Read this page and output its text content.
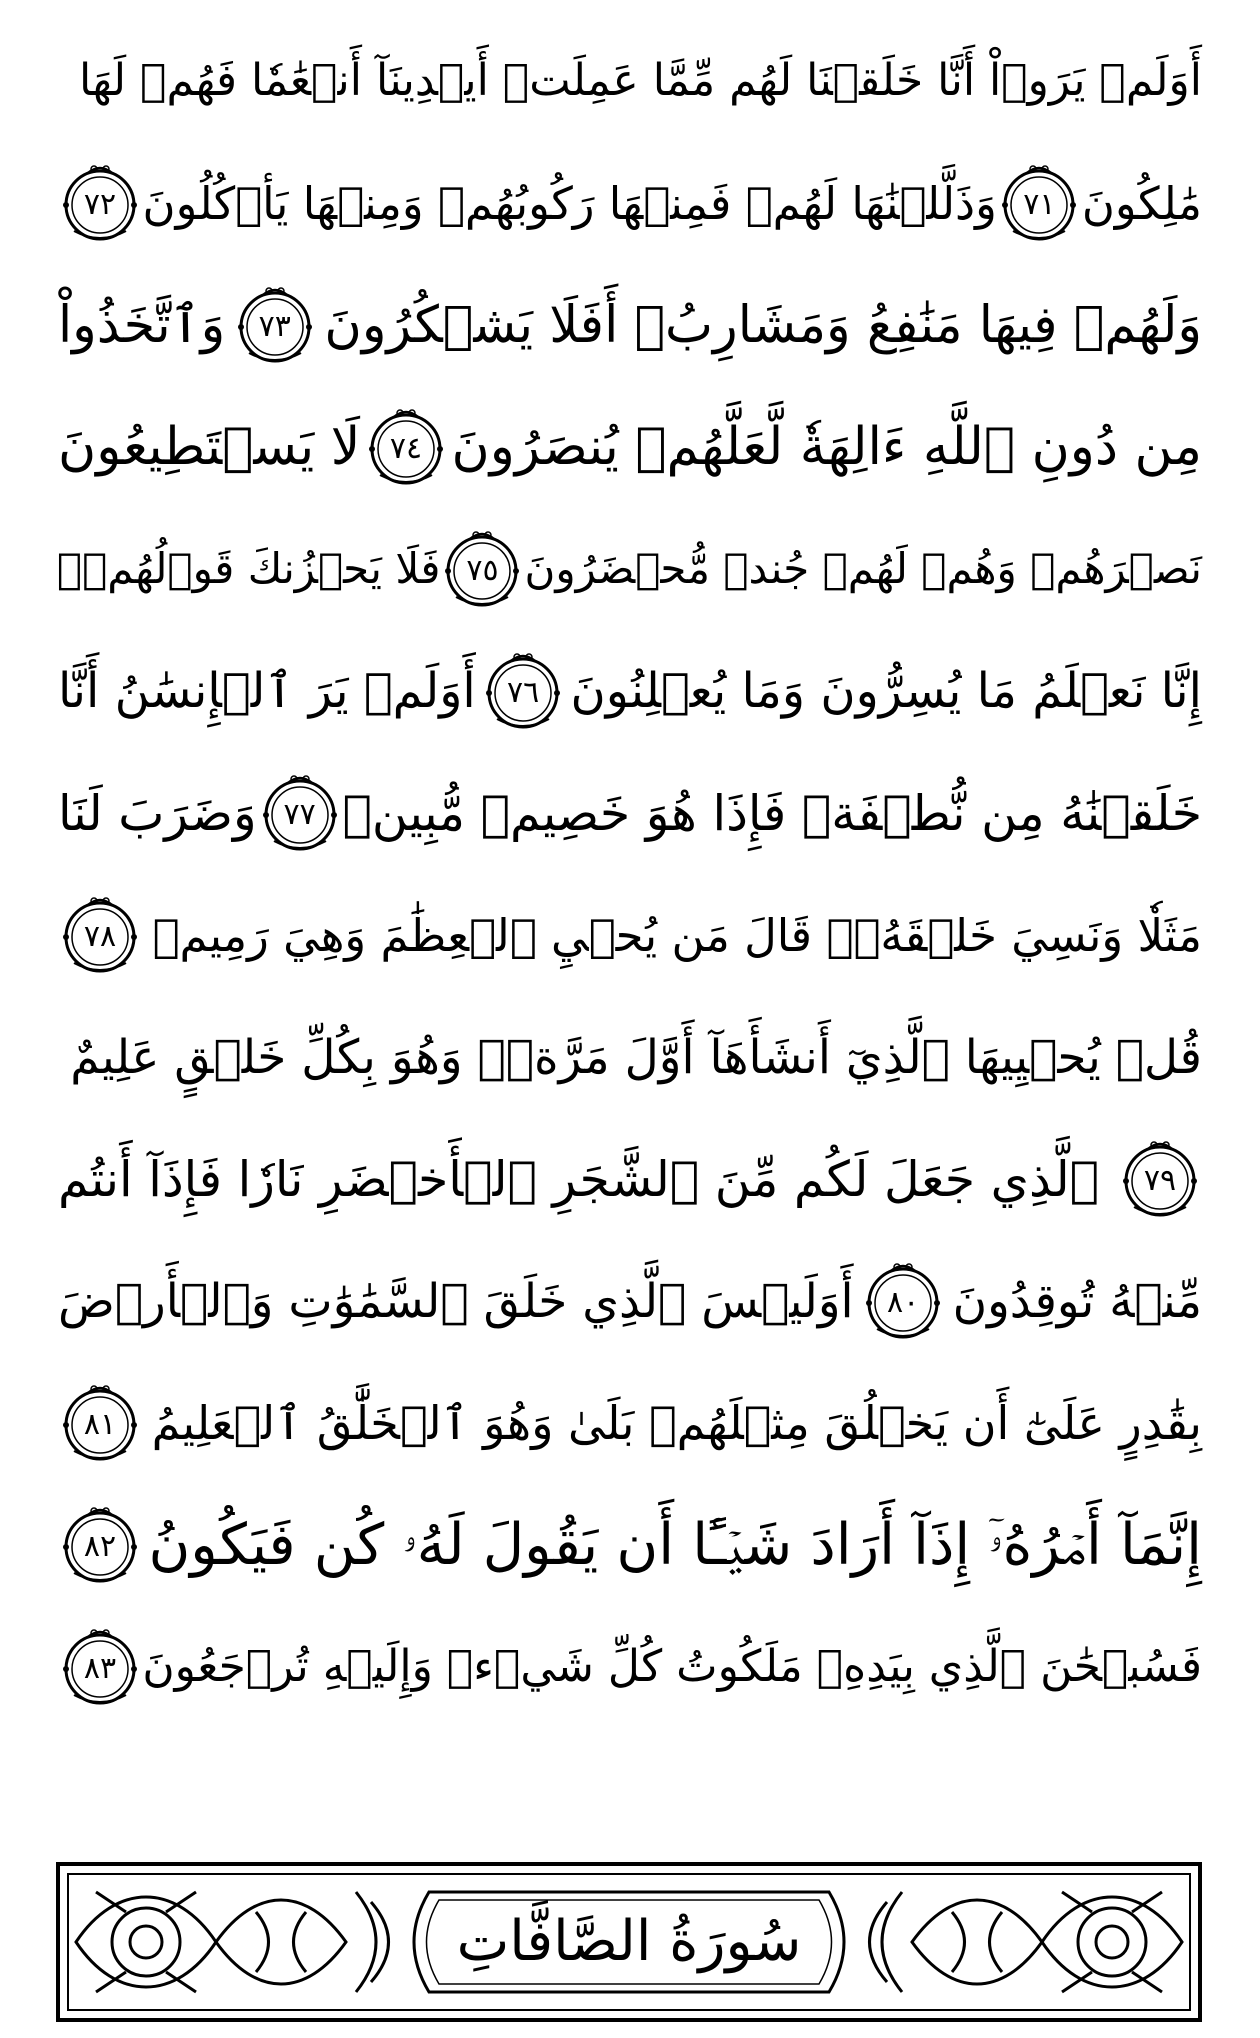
أَوَلَمۡ يَرَوۡاْ أَنَّا خَلَقۡنَا لَهُم مِّمَّا عَمِلَتۡ أَيۡدِينَآ أَنۡعَٰمٗا فَهُمۡ لَهَا
مَٰلِكُونَ
٧١
وَذَلَّلۡنَٰهَا لَهُمۡ فَمِنۡهَا رَكُوبُهُمۡ وَمِنۡهَا يَأۡكُلُونَ
٧٢
وَلَهُمۡ فِيهَا مَنَٰفِعُ وَمَشَارِبُۚ أَفَلَا يَشۡكُرُونَ
٧٣
وَٱتَّخَذُواْ
مِن دُونِ ٱللَّهِ ءَالِهَةٗ لَّعَلَّهُمۡ يُنصَرُونَ
٧٤
لَا يَسۡتَطِيعُونَ
نَصۡرَهُمۡ وَهُمۡ لَهُمۡ جُندٞ مُّحۡضَرُونَ
٧٥
فَلَا يَحۡزُنكَ قَوۡلُهُمۡۘ
إِنَّا نَعۡلَمُ مَا يُسِرُّونَ وَمَا يُعۡلِنُونَ
٧٦
أَوَلَمۡ يَرَ ٱلۡإِنسَٰنُ أَنَّا
خَلَقۡنَٰهُ مِن نُّطۡفَةٖ فَإِذَا هُوَ خَصِيمٞ مُّبِينٞ
٧٧
وَضَرَبَ لَنَا
مَثَلٗا وَنَسِيَ خَلۡقَهُۥۖ قَالَ مَن يُحۡيِ ٱلۡعِظَٰمَ وَهِيَ رَمِيمٞ
٧٨
قُلۡ يُحۡيِيهَا ٱلَّذِيٓ أَنشَأَهَآ أَوَّلَ مَرَّةٖۖ وَهُوَ بِكُلِّ خَلۡقٍ عَلِيمٌ
٧٩
ٱلَّذِي جَعَلَ لَكُم مِّنَ ٱلشَّجَرِ ٱلۡأَخۡضَرِ نَارٗا فَإِذَآ أَنتُم
مِّنۡهُ تُوقِدُونَ
٨٠
أَوَلَيۡسَ ٱلَّذِي خَلَقَ ٱلسَّمَٰوَٰتِ وَٱلۡأَرۡضَ
بِقَٰدِرٍ عَلَىٰٓ أَن يَخۡلُقَ مِثۡلَهُمۚ بَلَىٰ وَهُوَ ٱلۡخَلَّٰقُ ٱلۡعَلِيمُ
٨١
إِنَّمَآ أَمۡرُهُۥٓ إِذَآ أَرَادَ شَيۡـًٔا أَن يَقُولَ لَهُۥ كُن فَيَكُونُ
٨٢
فَسُبۡحَٰنَ ٱلَّذِي بِيَدِهِۦ مَلَكُوتُ كُلِّ شَيۡءٖ وَإِلَيۡهِ تُرۡجَعُونَ
٨٣
سُورَةُ الصَّافَّاتِ
